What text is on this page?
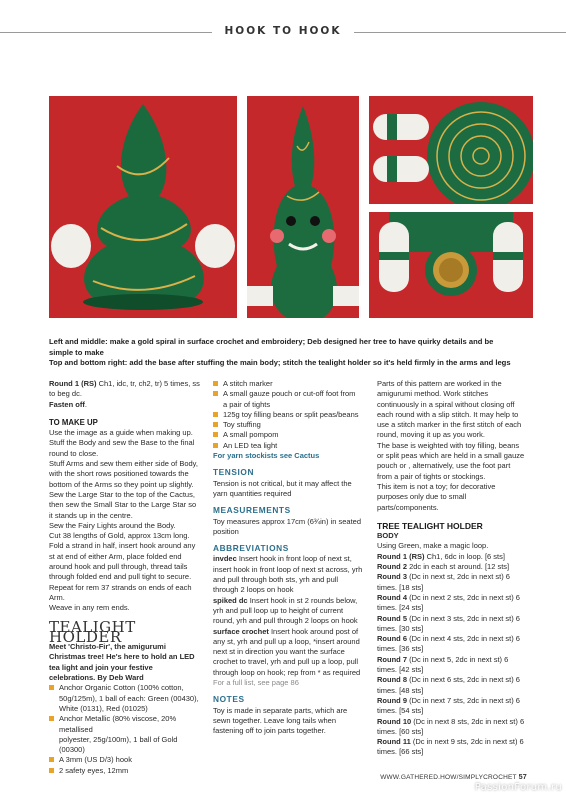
HOOK TO HOOK
Left and middle: make a gold spiral in surface crochet and embroidery; Deb designed her tree to have quirky details and be simple to make
Top and bottom right: add the base after stuffing the main body; stitch the tealight holder so it's held firmly in the arms and legs
Round 1 (RS) Ch1, idc, tr, ch2, tr) 5 times, ss to beg dc.
Fasten off.
TO MAKE UP
Use the image as a guide when making up. Stuff the Body and sew the Base to the final round to close.
Stuff Arms and sew them either side of Body, with the short rows positioned towards the bottom of the Arms so they point up slightly.
Sew the Large Star to the top of the Cactus, then sew the Small Star to the Large Star so it stands up in the centre.
Sew the Fairy Lights around the Body.
Cut 38 lengths of Gold, approx 13cm long. Fold a strand in half, insert hook around any st at end of either Arm, place folded end around hook and pull through, thread tails through folded end and pull tight to secure. Repeat for rem 37 strands on ends of each Arm.
Weave in any rem ends.
TEALIGHT HOLDER
Meet 'Christo-Fir', the amigurumi Christmas tree! He's here to hold an LED tea light and join your festive celebrations. By Deb Ward
Anchor Organic Cotton (100% cotton,
50g/125m), 1 ball of each: Green (00430),
White (0131), Red (01025)
Anchor Metallic (80% viscose, 20% metallised
polyester, 25g/100m), 1 ball of Gold (00300)
A 3mm (US D/3) hook
2 safety eyes, 12mm
A stitch marker
A small gauze pouch or cut-off foot from
a pair of tights
125g toy filling beans or split peas/beans
Toy stuffing
A small pompom
An LED tea light
For yarn stockists see Cactus
TENSION
Tension is not critical, but it may affect the yarn quantities required
MEASUREMENTS
Toy measures approx 17cm (6¾in) in seated position
ABBREVIATIONS
invdec Insert hook in front loop of next st, insert hook in front loop of next st across, yrh and pull through both sts, yrh and pull through 2 loops on hook
spiked dc Insert hook in st 2 rounds below, yrh and pull loop up to height of current round, yrh and pull through 2 loops on hook
surface crochet Insert hook around post of any st, yrh and pull up a loop, *insert around next st in direction you want the surface crochet to travel, yrh and pull up a loop, pull through loop on hook; rep from * as required
For a full list, see page 86
NOTES
Toy is made in separate parts, which are sewn together. Leave long tails when fastening off to join parts together.
Parts of this pattern are worked in the amigurumi method. Work stitches continuously in a spiral without closing off each round with a slip stitch. It may help to use a stitch marker in the first stitch of each round, moving it up as you work.
The base is weighted with toy filling, beans or split peas which are held in a small gauze pouch or , alternatively, use the foot part from a pair of tights or stockings.
This item is not a toy; for decorative purposes only due to small parts/components.
TREE TEALIGHT HOLDER
BODY
Using Green, make a magic loop.
Round 1 (RS) Ch1, 6dc in loop. [6 sts]
Round 2 2dc in each st around. [12 sts]
Round 3 (Dc in next st, 2dc in next st) 6 times. [18 sts]
Round 4 (Dc in next 2 sts, 2dc in next st) 6 times. [24 sts]
Round 5 (Dc in next 3 sts, 2dc in next st) 6 times. [30 sts]
Round 6 (Dc in next 4 sts, 2dc in next st) 6 times. [36 sts]
Round 7 (Dc in next 5, 2dc in next st) 6 times. [42 sts]
Round 8 (Dc in next 6 sts, 2dc in next st) 6 times. [48 sts]
Round 9 (Dc in next 7 sts, 2dc in next st) 6 times. [54 sts]
Round 10 (Dc in next 8 sts, 2dc in next st) 6 times. [60 sts]
Round 11 (Dc in next 9 sts, 2dc in next st) 6 times. [66 sts]
WWW.GATHERED.HOW/SIMPLYCROCHET 57
PassionForum.ru
